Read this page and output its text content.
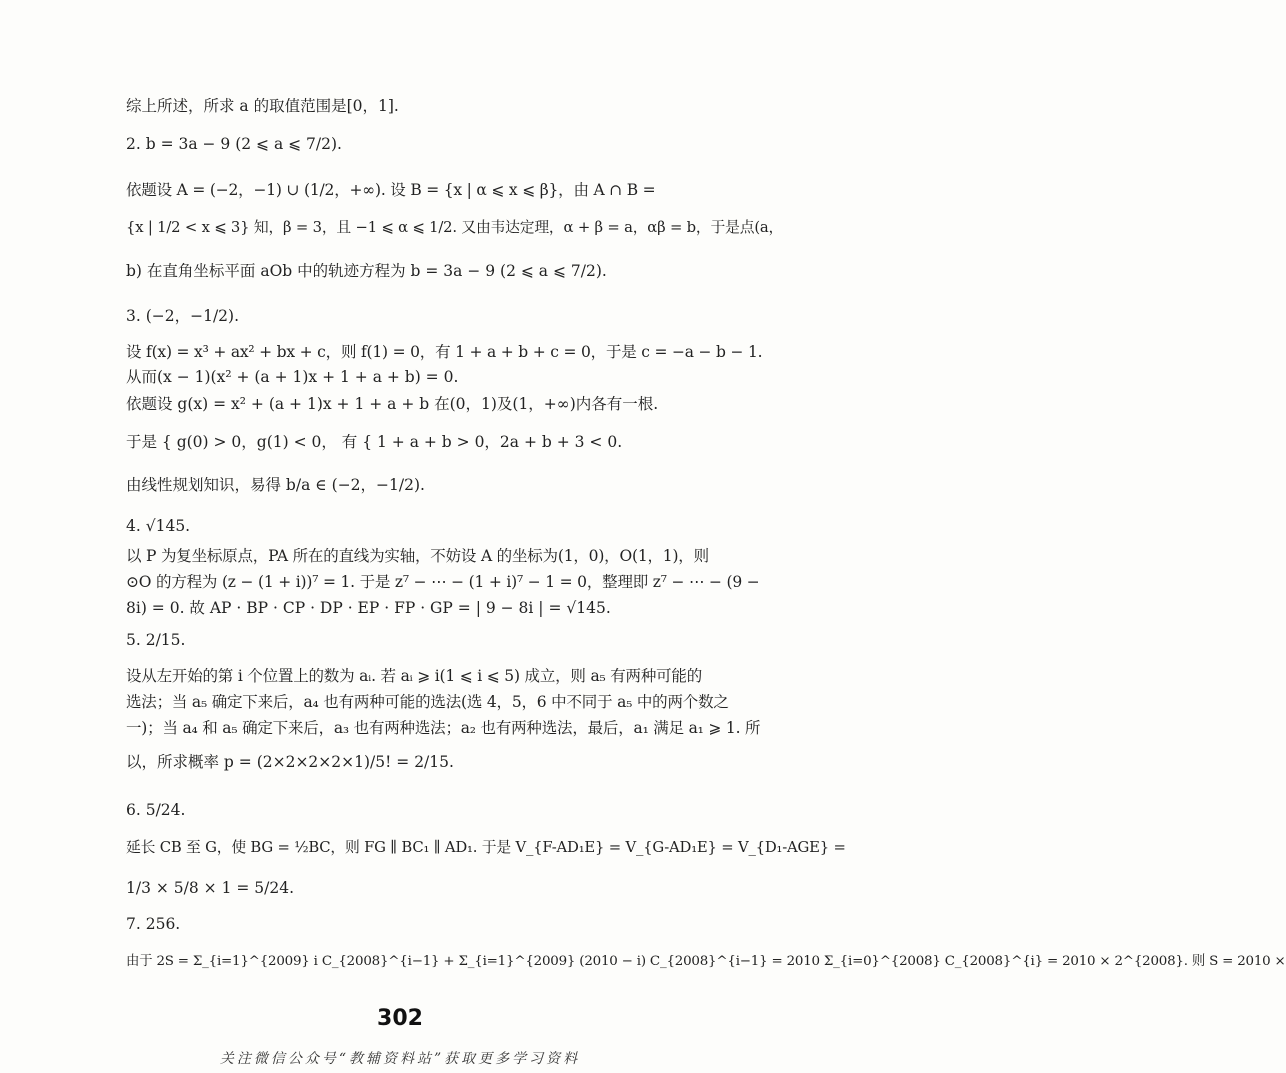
综上所述，所求 a 的取值范围是[0，1].
2. b = 3a − 9 (2 ⩽ a ⩽ 7/2).
依题设 A = (−2，−1) ∪ (1/2，+∞). 设 B = {x | α ⩽ x ⩽ β}，由 A ∩ B =
{x | 1/2 < x ⩽ 3} 知，β = 3，且 −1 ⩽ α ⩽ 1/2. 又由韦达定理，α + β = a，αβ = b，于是点(a，
b) 在直角坐标平面 aOb 中的轨迹方程为 b = 3a − 9 (2 ⩽ a ⩽ 7/2).
3. (−2，−1/2).
设 f(x) = x³ + ax² + bx + c，则 f(1) = 0，有 1 + a + b + c = 0，于是 c = −a − b − 1.
从而(x − 1)(x² + (a + 1)x + 1 + a + b) = 0.
依题设 g(x) = x² + (a + 1)x + 1 + a + b 在(0，1)及(1，+∞)内各有一根.
于是 { g(0) > 0，g(1) < 0， 有 { 1 + a + b > 0，2a + b + 3 < 0.
由线性规划知识，易得 b/a ∈ (−2，−1/2).
4. √145.
以 P 为复坐标原点，PA 所在的直线为实轴，不妨设 A 的坐标为(1，0)，O(1，1)，则
⊙O 的方程为 (z − (1 + i))⁷ = 1. 于是 z⁷ − ⋯ − (1 + i)⁷ − 1 = 0，整理即 z⁷ − ⋯ − (9 −
8i) = 0. 故 AP · BP · CP · DP · EP · FP · GP = | 9 − 8i | = √145.
5. 2/15.
设从左开始的第 i 个位置上的数为 aᵢ. 若 aᵢ ⩾ i(1 ⩽ i ⩽ 5) 成立，则 a₅ 有两种可能的
选法；当 a₅ 确定下来后，a₄ 也有两种可能的选法(选 4，5，6 中不同于 a₅ 中的两个数之
一)；当 a₄ 和 a₅ 确定下来后，a₃ 也有两种选法；a₂ 也有两种选法，最后，a₁ 满足 a₁ ⩾ 1. 所
以，所求概率 p = (2×2×2×2×1)/5! = 2/15.
6. 5/24.
延长 CB 至 G，使 BG = ½BC，则 FG ∥ BC₁ ∥ AD₁. 于是 V_{F-AD₁E} = V_{G-AD₁E} = V_{D₁-AGE} =
1/3 × 5/8 × 1 = 5/24.
7. 256.
由于 2S = Σ_{i=1}^{2009} i C_{2008}^{i−1} + Σ_{i=1}^{2009} (2010 − i) C_{2008}^{i−1} = 2010 Σ_{i=0}^{2008} C_{2008}^{i} = 2010 × 2^{2008}. 则 S = 2010 ×
302
关注微信公众号“教辅资料站”获取更多学习资料
